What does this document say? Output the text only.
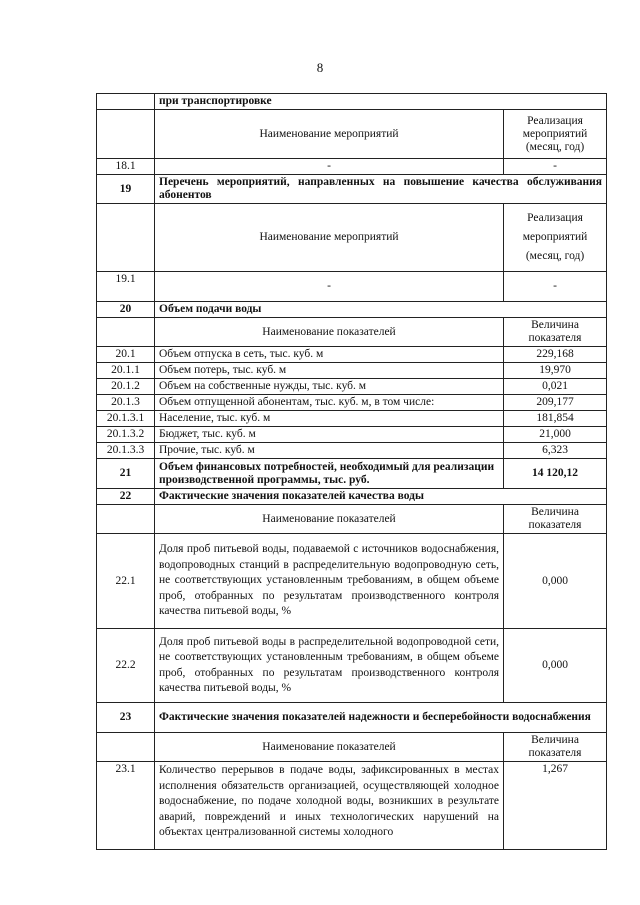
8
	при транспортировке	
	Наименование мероприятий	Реализация мероприятий (месяц, год)
18.1	-	-
19	Перечень мероприятий, направленных на повышение качества обслуживания абонентов	
	Наименование мероприятий	Реализация мероприятий (месяц, год)
19.1	-	-
20	Объем подачи воды	
	Наименование показателей	Величина показателя
20.1	Объем отпуска в сеть, тыс. куб. м	229,168
20.1.1	Объем потерь, тыс. куб. м	19,970
20.1.2	Объем на собственные нужды, тыс. куб. м	0,021
20.1.3	Объем отпущенной абонентам, тыс. куб. м, в том числе:	209,177
20.1.3.1	Население, тыс. куб. м	181,854
20.1.3.2	Бюджет, тыс. куб. м	21,000
20.1.3.3	Прочие, тыс. куб. м	6,323
21	Объем финансовых потребностей, необходимый для реализации производственной программы, тыс. руб.	14 120,12
22	Фактические значения показателей качества воды	
	Наименование показателей	Величина показателя
22.1	Доля проб питьевой воды, подаваемой с источников водоснабжения, водопроводных станций в распределительную водопроводную сеть, не соответствующих установленным требованиям, в общем объеме проб, отобранных по результатам производственного контроля качества питьевой воды, %	0,000
22.2	Доля проб питьевой воды в распределительной водопроводной сети, не соответствующих установленным требованиям, в общем объеме проб, отобранных по результатам производственного контроля качества питьевой воды, %	0,000
23	Фактические значения показателей надежности и бесперебойности водоснабжения	
	Наименование показателей	Величина показателя
23.1	Количество перерывов в подаче воды, зафиксированных в местах исполнения обязательств организацией, осуществляющей холодное водоснабжение, по подаче холодной воды, возникших в результате аварий, повреждений и иных технологических нарушений на объектах централизованной системы холодного	1,267
